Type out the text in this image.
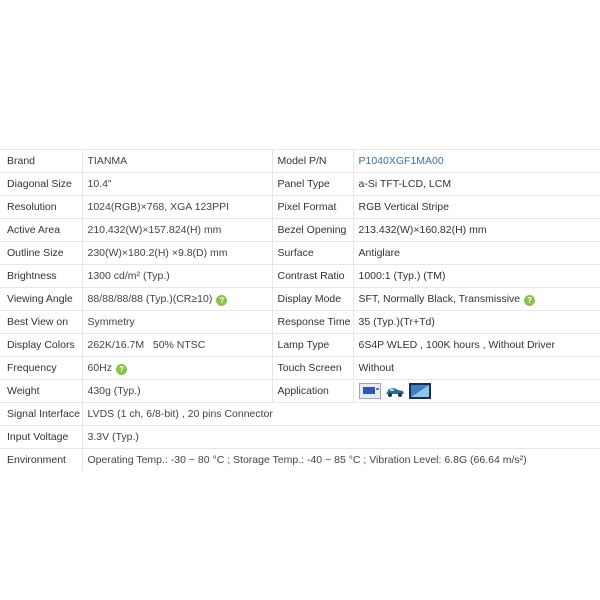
Brand	TIANMA	Model P/N	P1040XGF1MA00
Diagonal Size	10.4"	Panel Type	a-Si TFT-LCD, LCM
Resolution	1024(RGB)×768, XGA 123PPI	Pixel Format	RGB Vertical Stripe
Active Area	210.432(W)×157.824(H) mm	Bezel Opening	213.432(W)×160.82(H) mm
Outline Size	230(W)×180.2(H) ×9.8(D) mm	Surface	Antiglare
Brightness	1300 cd/m² (Typ.)	Contrast Ratio	1000:1 (Typ.) (TM)
Viewing Angle	88/88/88/88 (Typ.)(CR≥10) ?	Display Mode	SFT, Normally Black, Transmissive ?
Best View on	Symmetry	Response Time	35 (Typ.)(Tr+Td)
Display Colors	262K/16.7M   50% NTSC	Lamp Type	6S4P WLED , 100K hours , Without Driver
Frequency	60Hz ?	Touch Screen	Without
Weight	430g (Typ.)	Application	

Signal Interface	LVDS (1 ch, 6/8-bit) , 20 pins Connector		
Input Voltage	3.3V (Typ.)		
Environment	Operating Temp.: -30 ~ 80 °C ; Storage Temp.: -40 ~ 85 °C ; Vibration Level: 6.8G (66.64 m/s²)		
